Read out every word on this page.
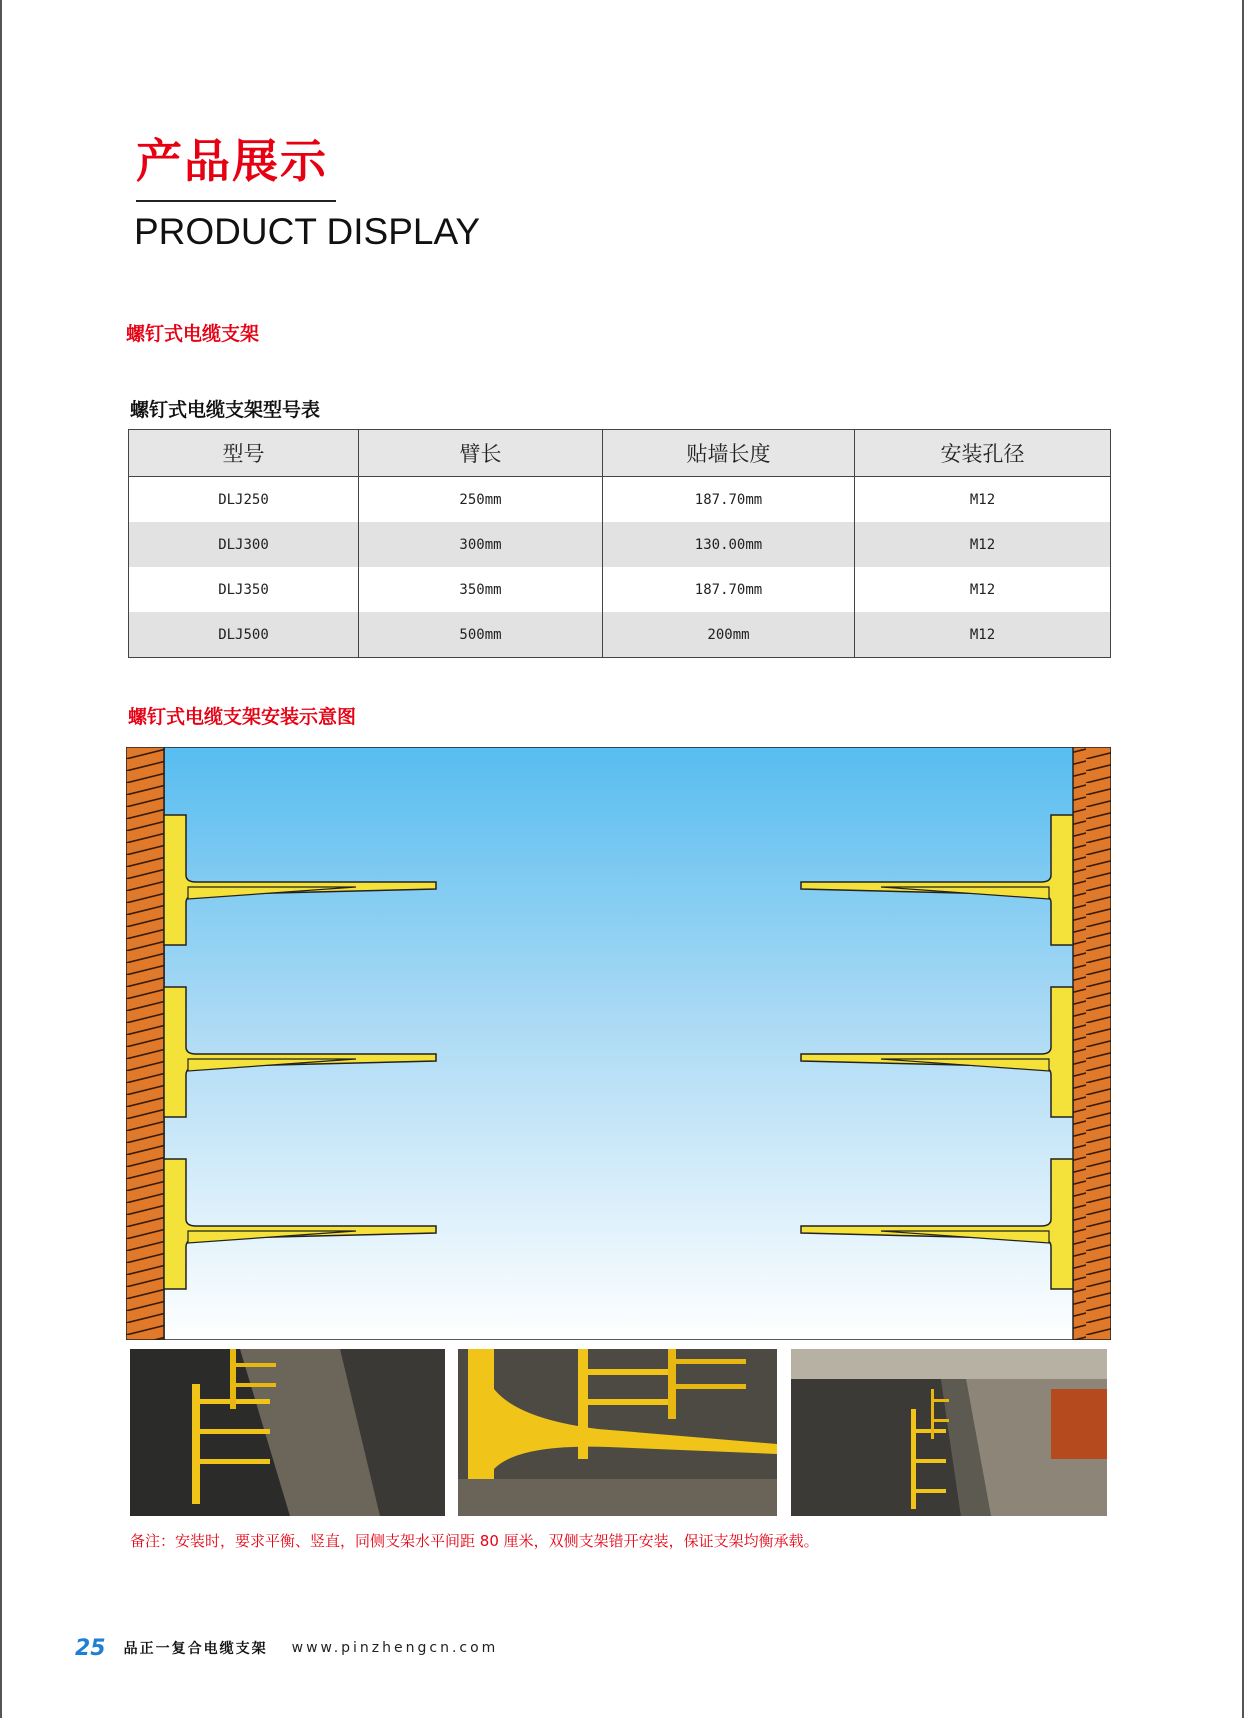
产品展示
PRODUCT DISPLAY
螺钉式电缆支架
螺钉式电缆支架型号表
型号	臂长	贴墙长度	安装孔径
DLJ250	250mm	187.70mm	M12
DLJ300	300mm	130.00mm	M12
DLJ350	350mm	187.70mm	M12
DLJ500	500mm	200mm	M12
螺钉式电缆支架安装示意图
备注：安装时，要求平衡、竖直，同侧支架水平间距 80 厘米，双侧支架错开安装，保证支架均衡承载。
25 品正一复合电缆支架 www.pinzhengcn.com
